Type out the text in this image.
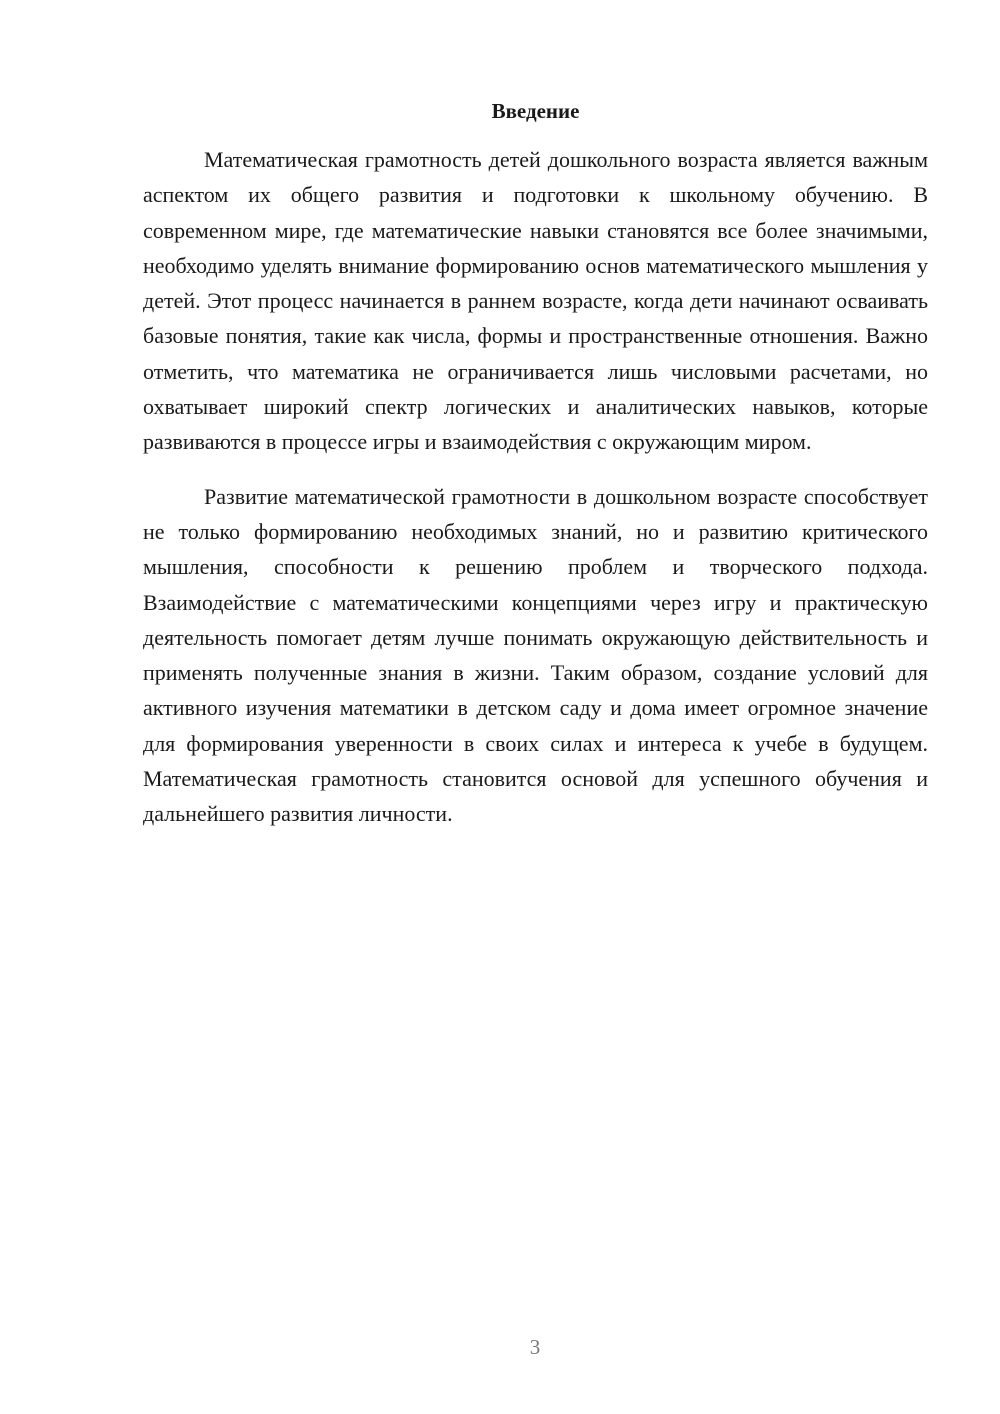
Введение

Математическая грамотность детей дошкольного возраста является важным аспектом их общего развития и подготовки к школьному обучению. В современном мире, где математические навыки становятся все более значимыми, необходимо уделять внимание формированию основ математического мышления у детей. Этот процесс начинается в раннем возрасте, когда дети начинают осваивать базовые понятия, такие как числа, формы и пространственные отношения. Важно отметить, что математика не ограничивается лишь числовыми расчетами, но охватывает широкий спектр логических и аналитических навыков, которые развиваются в процессе игры и взаимодействия с окружающим миром.

Развитие математической грамотности в дошкольном возрасте способствует не только формированию необходимых знаний, но и развитию критического мышления, способности к решению проблем и творческого подхода. Взаимодействие с математическими концепциями через игру и практическую деятельность помогает детям лучше понимать окружающую действительность и применять полученные знания в жизни. Таким образом, создание условий для активного изучения математики в детском саду и дома имеет огромное значение для формирования уверенности в своих силах и интереса к учебе в будущем. Математическая грамотность становится основой для успешного обучения и дальнейшего развития личности.

3
